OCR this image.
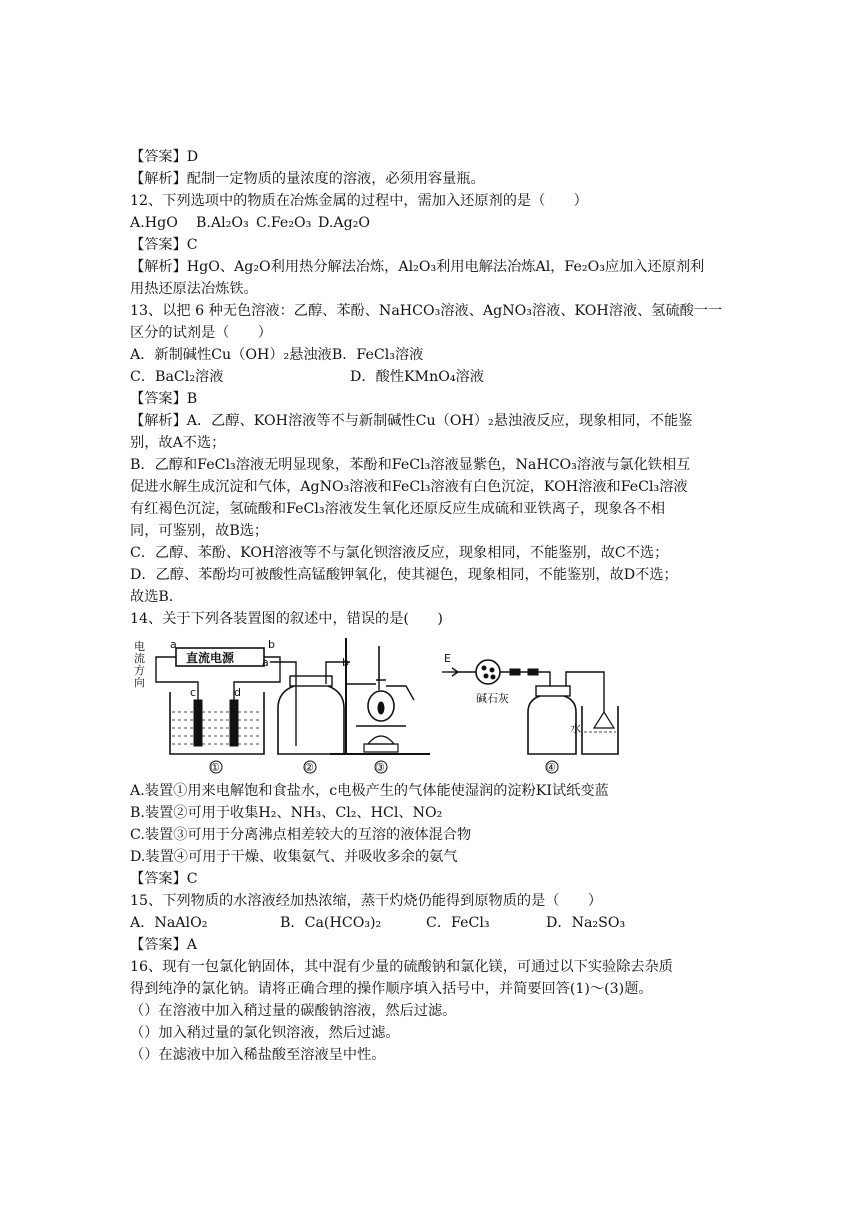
【答案】D
【解析】配制一定物质的量浓度的溶液，必须用容量瓶。
12、下列选项中的物质在冶炼金属的过程中，需加入还原剂的是（　　）
A.HgO	B.Al₂O₃ C.Fe₂O₃ D.Ag₂O
【答案】C
【解析】HgO、Ag₂O利用热分解法冶炼，Al₂O₃利用电解法冶炼Al，Fe₂O₃应加入还原剂利
用热还原法冶炼铁。
13、以把 6 种无色溶液：乙醇、苯酚、NaHCO₃溶液、AgNO₃溶液、KOH溶液、氢硫酸一一
区分的试剂是（　　）
A．新制碱性Cu（OH）₂悬浊液 B．FeCl₃溶液
C．BaCl₂溶液	D．酸性KMnO₄溶液
【答案】B
【解析】A．乙醇、KOH溶液等不与新制碱性Cu（OH）₂悬浊液反应，现象相同，不能鉴
别，故A不选；
B．乙醇和FeCl₃溶液无明显现象，苯酚和FeCl₃溶液显紫色，NaHCO₃溶液与氯化铁相互
促进水解生成沉淀和气体，AgNO₃溶液和FeCl₃溶液有白色沉淀，KOH溶液和FeCl₃溶液
有红褐色沉淀，氢硫酸和FeCl₃溶液发生氧化还原反应生成硫和亚铁离子，现象各不相
同，可鉴别，故B选；
C．乙醇、苯酚、KOH溶液等不与氯化钡溶液反应，现象相同，不能鉴别，故C不选；
D．乙醇、苯酚均可被酸性高锰酸钾氧化，使其褪色，现象相同，不能鉴别，故D不选；
故选B．
14、关于下列各装置图的叙述中，错误的是(　　)
电
流
方
向
直流电源
a	b
c	d
①
a	b
②	③
E
碱石灰
水
④
A.装置①用来电解饱和食盐水，c电极产生的气体能使湿润的淀粉KI试纸变蓝
B.装置②可用于收集H₂、NH₃、Cl₂、HCl、NO₂
C.装置③可用于分离沸点相差较大的互溶的液体混合物
D.装置④可用于干燥、收集氨气、并吸收多余的氨气
【答案】C
15、下列物质的水溶液经加热浓缩，蒸干灼烧仍能得到原物质的是（　　）
A．NaAlO₂	B．Ca(HCO₃)₂	C．FeCl₃	D．Na₂SO₃
【答案】A
16、现有一包氯化钠固体，其中混有少量的硫酸钠和氯化镁，可通过以下实验除去杂质
得到纯净的氯化钠。请将正确合理的操作顺序填入括号中，并简要回答(1)～(3)题。
（）在溶液中加入稍过量的碳酸钠溶液，然后过滤。
（）加入稍过量的氯化钡溶液，然后过滤。
（）在滤液中加入稀盐酸至溶液呈中性。
